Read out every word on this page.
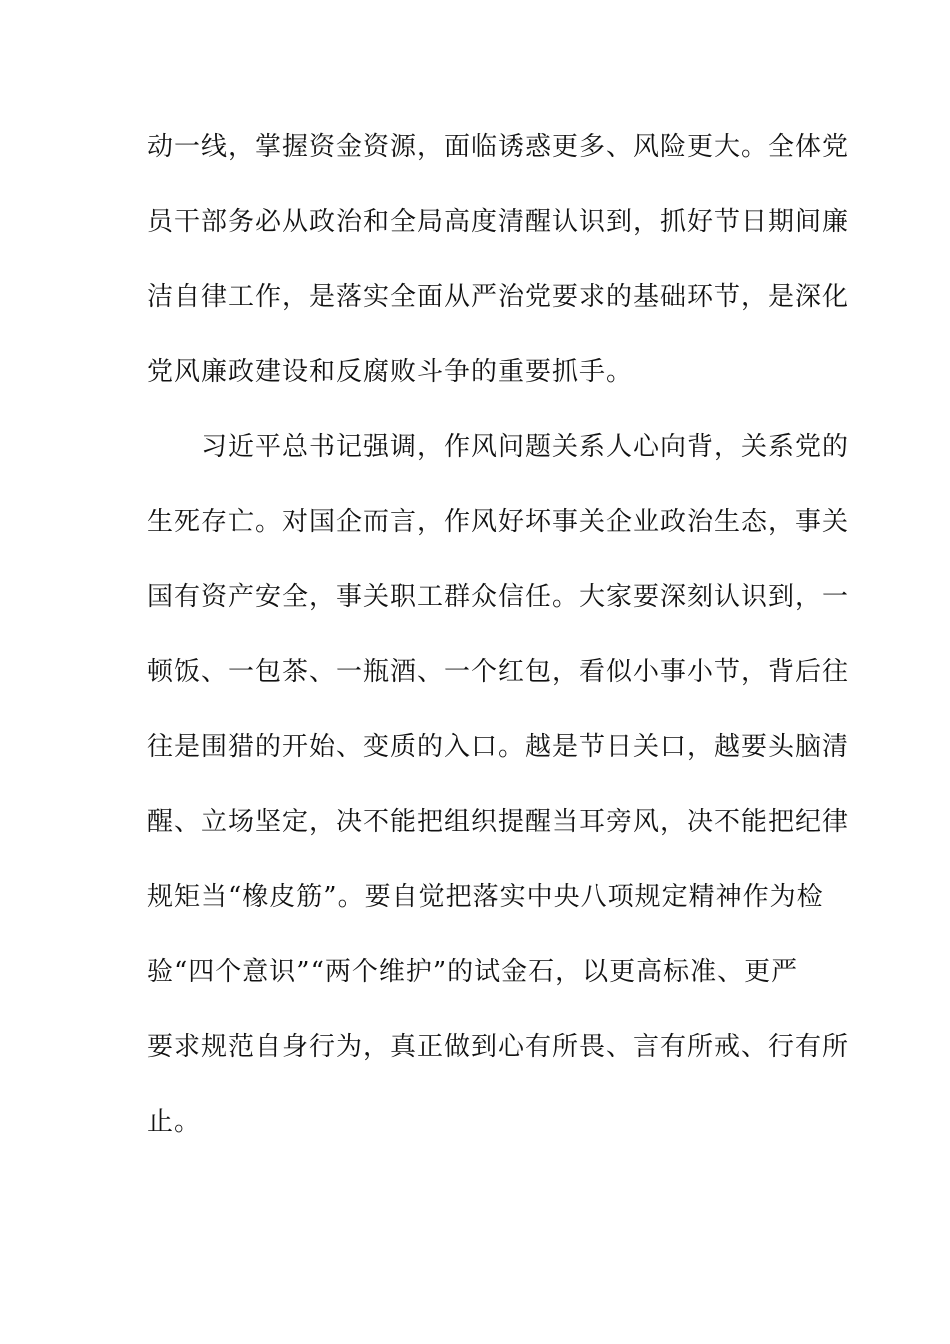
动一线，掌握资金资源，面临诱惑更多、风险更大。全体党
员干部务必从政治和全局高度清醒认识到，抓好节日期间廉
洁自律工作，是落实全面从严治党要求的基础环节，是深化
党风廉政建设和反腐败斗争的重要抓手。
　　习近平总书记强调，作风问题关系人心向背，关系党的
生死存亡。对国企而言，作风好坏事关企业政治生态，事关
国有资产安全，事关职工群众信任。大家要深刻认识到，一
顿饭、一包茶、一瓶酒、一个红包，看似小事小节，背后往
往是围猎的开始、变质的入口。越是节日关口，越要头脑清
醒、立场坚定，决不能把组织提醒当耳旁风，决不能把纪律
规矩当“橡皮筋”。要自觉把落实中央八项规定精神作为检
验“四个意识”“两个维护”的试金石，以更高标准、更严
要求规范自身行为，真正做到心有所畏、言有所戒、行有所
止。
